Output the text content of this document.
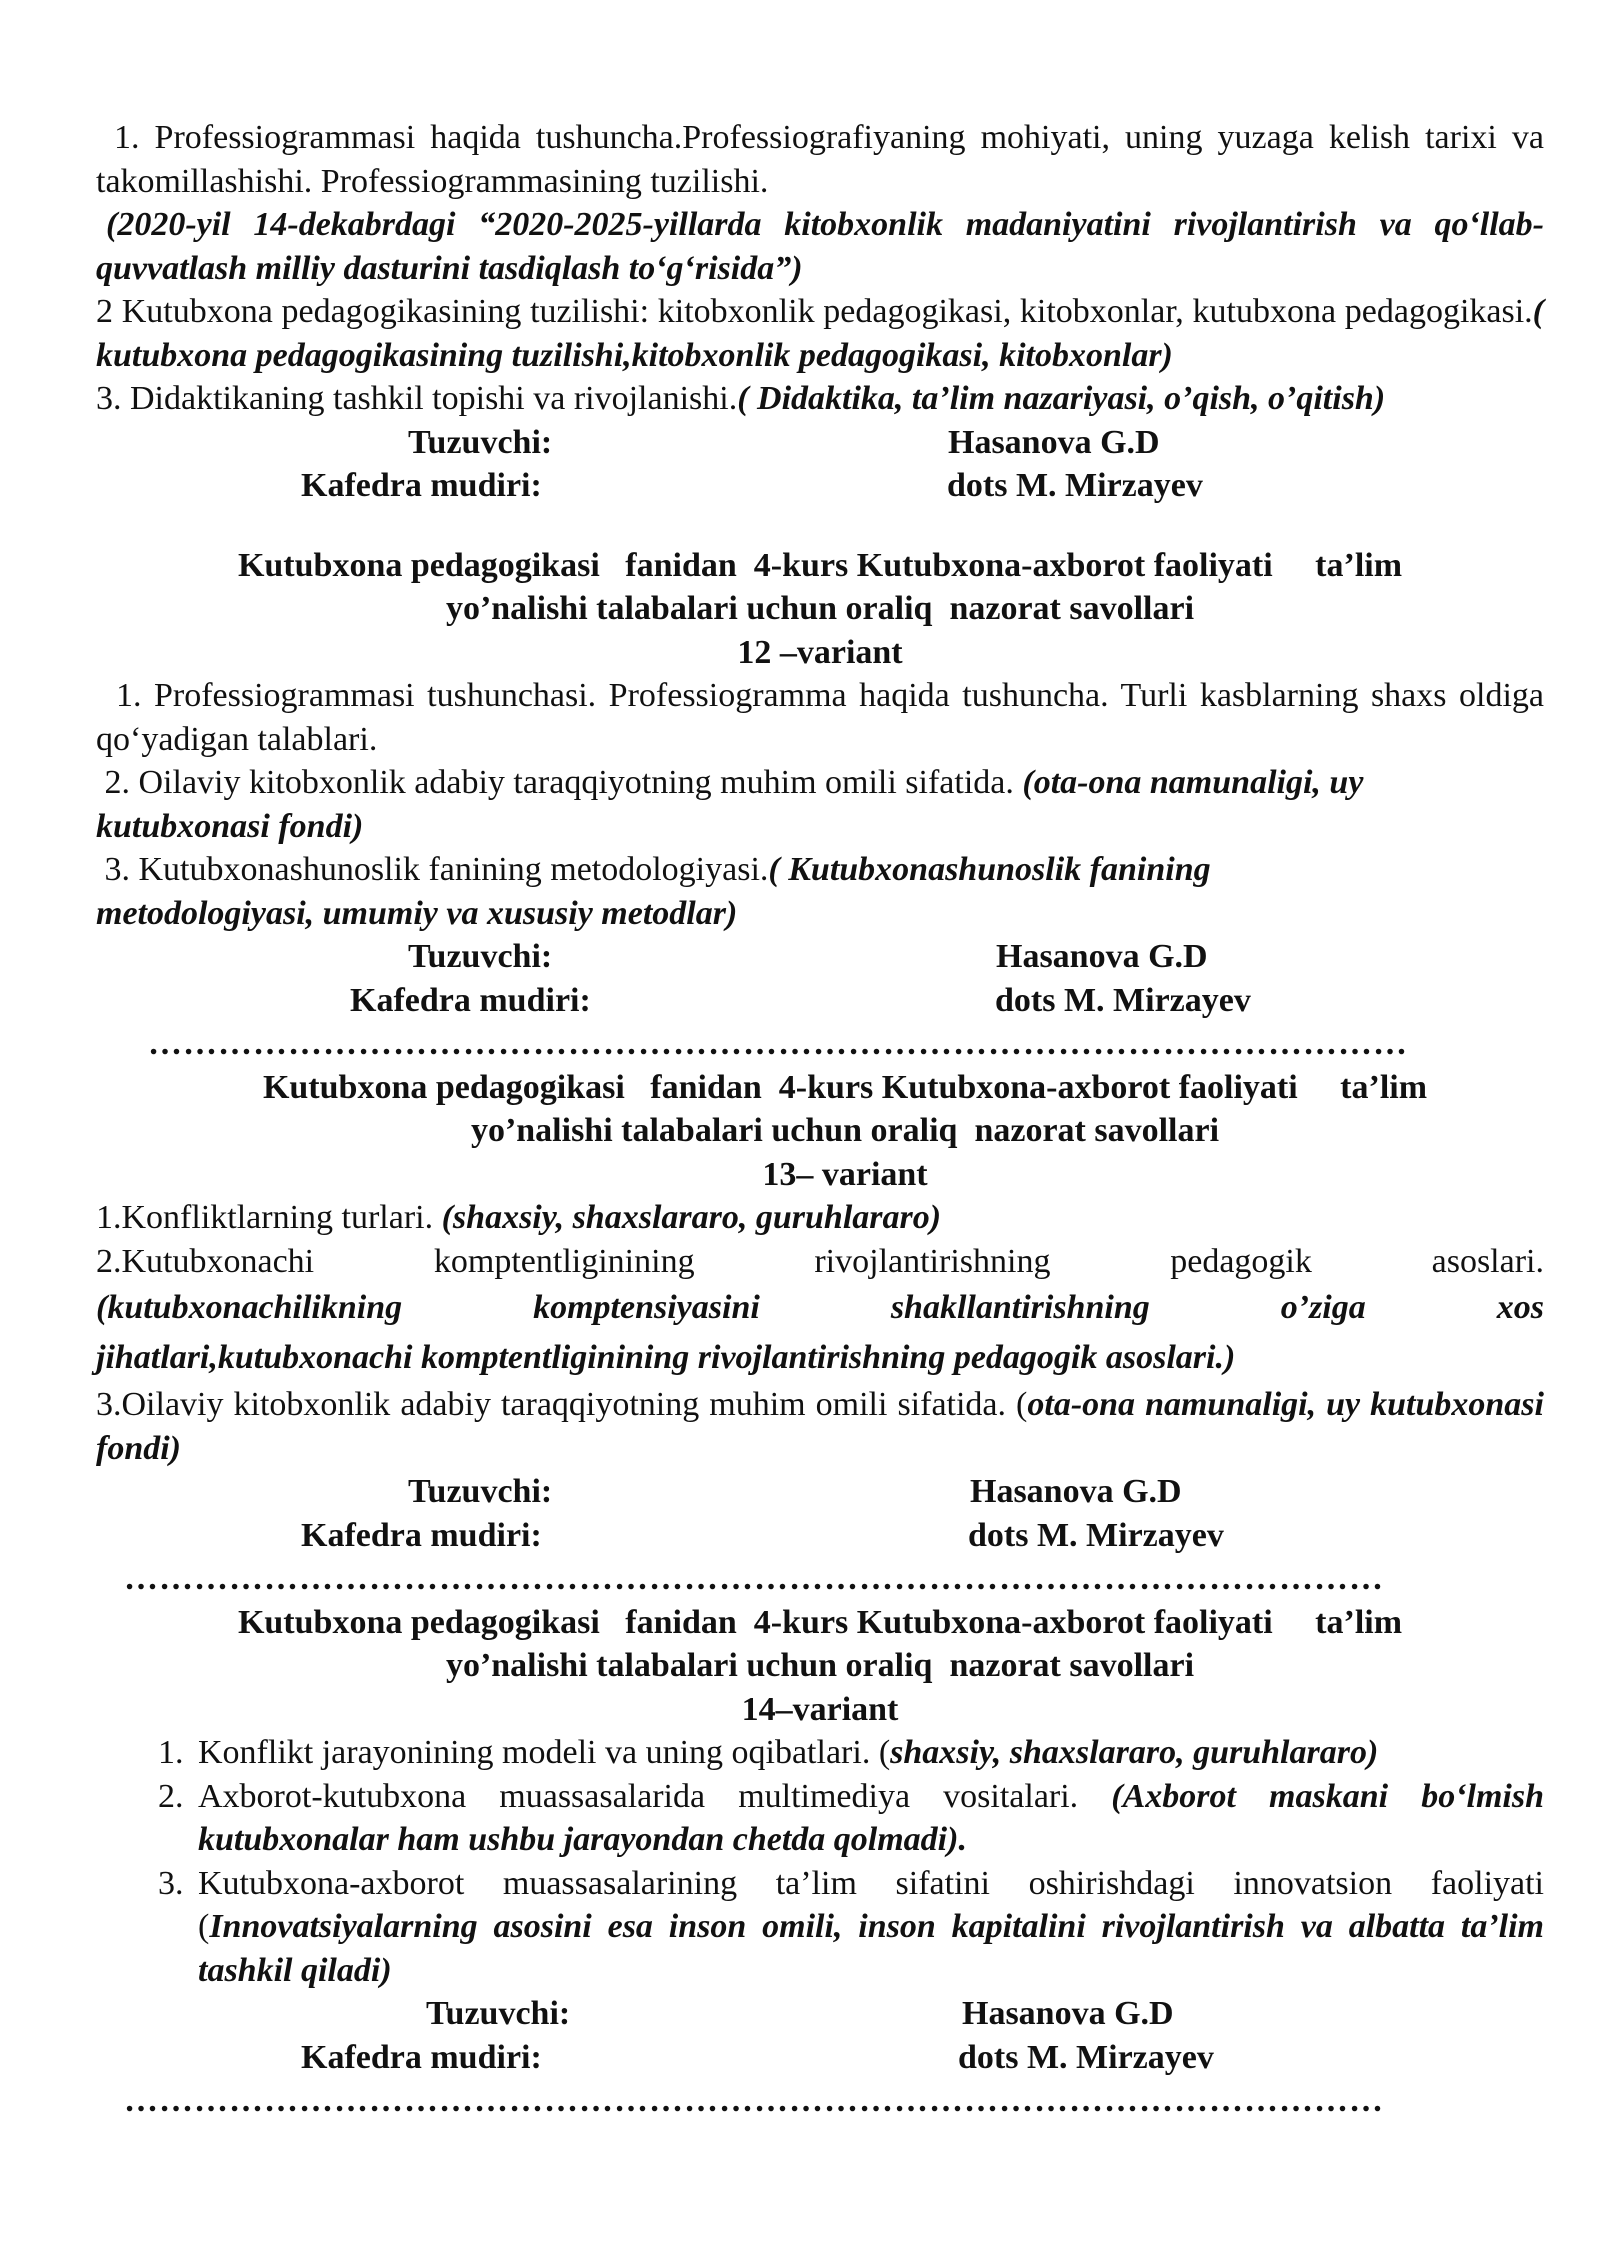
1. Professiogrammasi haqida tushuncha.Professiografiyaning mohiyati, uning yuzaga kelish tarixi va takomillashishi. Professiogrammasining tuzilishi.

(2020-yil 14-dekabrdagi “2020-2025-yillarda kitobxonlik madaniyatini rivojlantirish va qo‘llab-quvvatlash milliy dasturini tasdiqlash to‘g‘risida”)

2 Kutubxona pedagogikasining tuzilishi: kitobxonlik pedagogikasi, kitobxonlar, kutubxona pedagogikasi.( kutubxona pedagogikasining tuzilishi,kitobxonlik pedagogikasi, kitobxonlar)

3. Didaktikaning tashkil topishi va rivojlanishi.( Didaktika, ta’lim nazariyasi, o’qish, o’qitish)

Tuzuvchi:	Hasanova G.D
Kafedra mudiri:	dots M. Mirzayev

Kutubxona pedagogikasi   fanidan  4-kurs Kutubxona-axborot faoliyati     ta’lim

yo’nalishi talabalari uchun oraliq  nazorat savollari

12 –variant

1. Professiogrammasi tushunchasi. Professiogramma haqida tushuncha. Turli kasblarning shaxs oldiga qo‘yadigan talablari.

2. Oilaviy kitobxonlik adabiy taraqqiyotning muhim omili sifatida. (ota-ona namunaligi, uy kutubxonasi fondi)

3. Kutubxonashunoslik fanining metodologiyasi.( Kutubxonashunoslik fanining metodologiyasi, umumiy va xususiy metodlar)

Tuzuvchi:	Hasanova G.D
Kafedra mudiri:	dots M. Mirzayev
………………………………………………………………………………………………

Kutubxona pedagogikasi   fanidan  4-kurs Kutubxona-axborot faoliyati     ta’lim

yo’nalishi talabalari uchun oraliq  nazorat savollari

13– variant

1.Konfliktlarning turlari. (shaxsiy, shaxslararo, guruhlararo)

2.Kutubxonachi komptentliginining rivojlantirishning pedagogik asoslari.

(kutubxonachilikning komptensiyasini shakllantirishning o’ziga xos

jihatlari,kutubxonachi komptentliginining rivojlantirishning pedagogik asoslari.)

3.Oilaviy kitobxonlik adabiy taraqqiyotning muhim omili sifatida. (ota-ona namunaligi, uy kutubxonasi fondi)

Tuzuvchi:	Hasanova G.D
Kafedra mudiri:	dots M. Mirzayev
………………………………………………………………………………………………

Kutubxona pedagogikasi   fanidan  4-kurs Kutubxona-axborot faoliyati     ta’lim

yo’nalishi talabalari uchun oraliq  nazorat savollari

14–variant

1. Konflikt jarayonining modeli va uning oqibatlari. (shaxsiy, shaxslararo, guruhlararo)
2. Axborot-kutubxona muassasalarida multimediya vositalari. (Axborot maskani bo‘lmish kutubxonalar ham ushbu jarayondan chetda qolmadi).
3. Kutubxona-axborot muassasalarining ta’lim sifatini oshirishdagi innovatsion faoliyati (Innovatsiyalarning asosini esa inson omili, inson kapitalini rivojlantirish va albatta ta’lim tashkil qiladi)
Tuzuvchi:	Hasanova G.D
Kafedra mudiri:	dots M. Mirzayev
………………………………………………………………………………………………
